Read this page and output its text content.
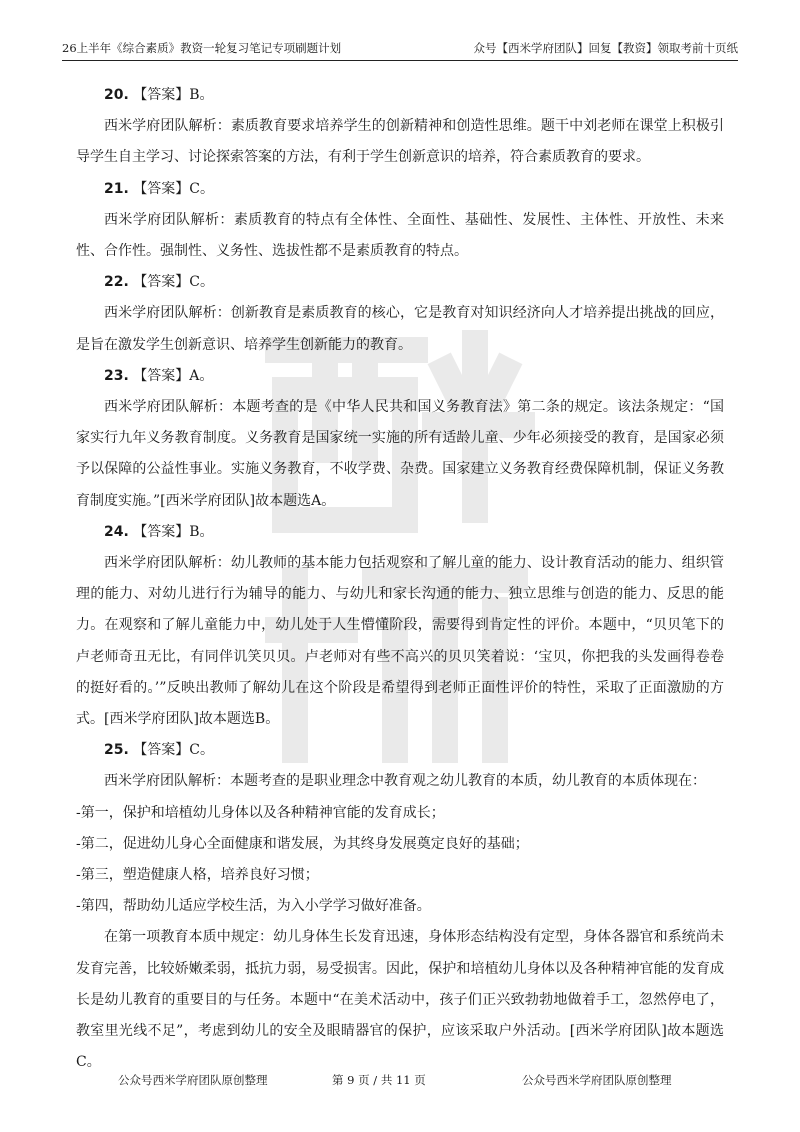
26上半年《综合素质》教资一轮复习笔记专项刷题计划	众号【西米学府团队】回复【教资】领取考前十页纸

20. 【答案】B。

西米学府团队解析：素质教育要求培养学生的创新精神和创造性思维。题干中刘老师在课堂上积极引导学生自主学习、讨论探索答案的方法，有利于学生创新意识的培养，符合素质教育的要求。

21. 【答案】C。

西米学府团队解析：素质教育的特点有全体性、全面性、基础性、发展性、主体性、开放性、未来性、合作性。强制性、义务性、选拔性都不是素质教育的特点。

22. 【答案】C。

西米学府团队解析：创新教育是素质教育的核心，它是教育对知识经济向人才培养提出挑战的回应，是旨在激发学生创新意识、培养学生创新能力的教育。

23. 【答案】A。

西米学府团队解析：本题考查的是《中华人民共和国义务教育法》第二条的规定。该法条规定：“国家实行九年义务教育制度。义务教育是国家统一实施的所有适龄儿童、少年必须接受的教育，是国家必须予以保障的公益性事业。实施义务教育，不收学费、杂费。国家建立义务教育经费保障机制，保证义务教育制度实施。”[西米学府团队]故本题选A。

24. 【答案】B。

西米学府团队解析：幼儿教师的基本能力包括观察和了解儿童的能力、设计教育活动的能力、组织管理的能力、对幼儿进行行为辅导的能力、与幼儿和家长沟通的能力、独立思维与创造的能力、反思的能力。在观察和了解儿童能力中，幼儿处于人生懵懂阶段，需要得到肯定性的评价。本题中，“贝贝笔下的卢老师奇丑无比，有同伴讥笑贝贝。卢老师对有些不高兴的贝贝笑着说：‘宝贝，你把我的头发画得卷卷的挺好看的。’”反映出教师了解幼儿在这个阶段是希望得到老师正面性评价的特性，采取了正面激励的方式。[西米学府团队]故本题选B。

25. 【答案】C。

西米学府团队解析：本题考查的是职业理念中教育观之幼儿教育的本质，幼儿教育的本质体现在：

-第一，保护和培植幼儿身体以及各种精神官能的发育成长；

-第二，促进幼儿身心全面健康和谐发展，为其终身发展奠定良好的基础；

-第三，塑造健康人格，培养良好习惯；

-第四，帮助幼儿适应学校生活，为入小学学习做好准备。

在第一项教育本质中规定：幼儿身体生长发育迅速，身体形态结构没有定型，身体各器官和系统尚未发育完善，比较娇嫩柔弱，抵抗力弱，易受损害。因此，保护和培植幼儿身体以及各种精神官能的发育成长是幼儿教育的重要目的与任务。本题中“在美术活动中，孩子们正兴致勃勃地做着手工，忽然停电了，教室里光线不足”，考虑到幼儿的安全及眼睛器官的保护，应该采取户外活动。[西米学府团队]故本题选C。

公众号西米学府团队原创整理	第 9 页 / 共 11 页	公众号西米学府团队原创整理
